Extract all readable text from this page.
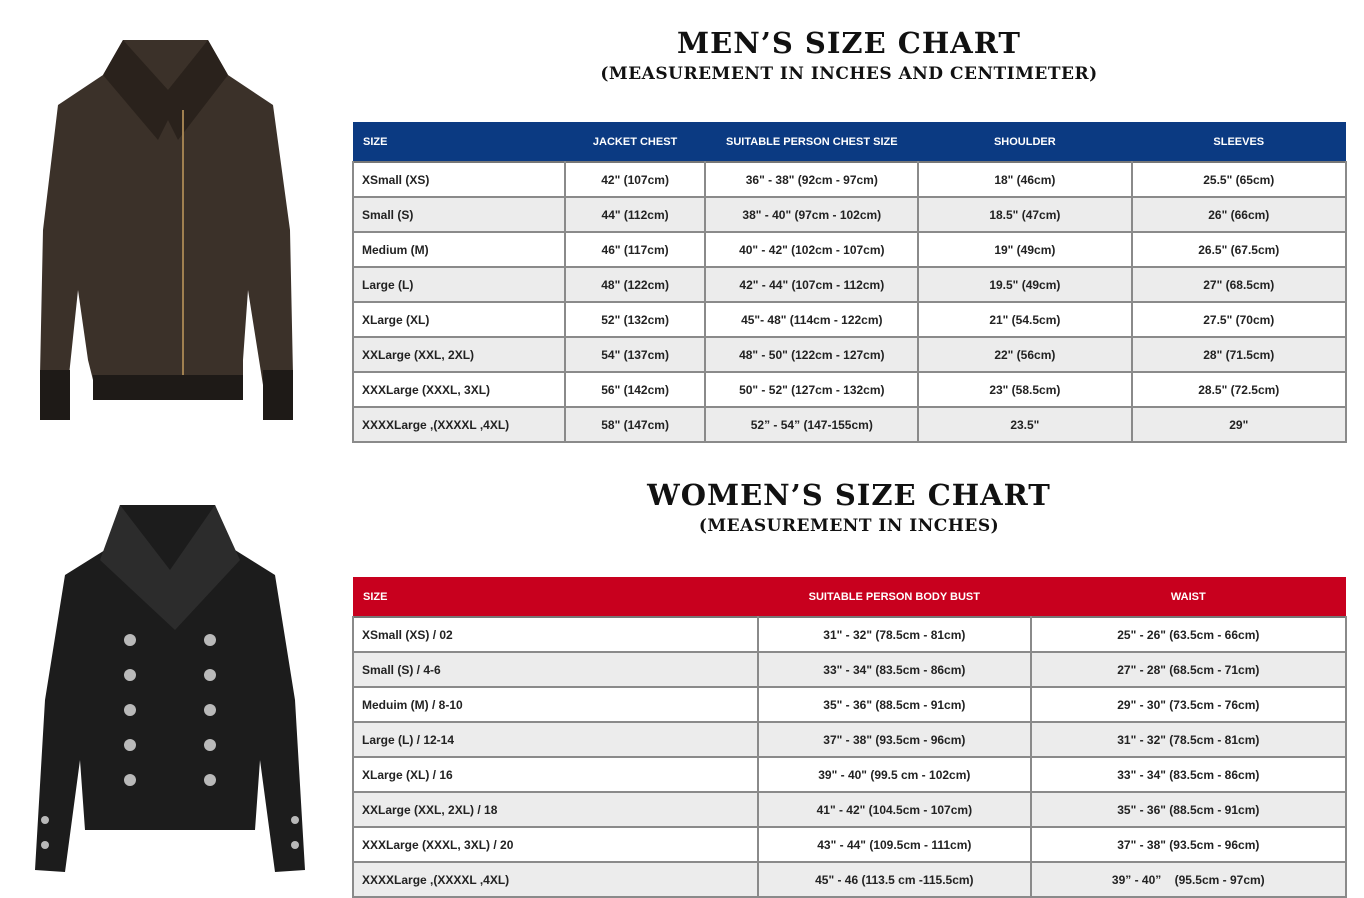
MEN’S SIZE CHART
(MEASUREMENT IN INCHES AND CENTIMETER)
SIZE	JACKET CHEST	SUITABLE PERSON CHEST SIZE	SHOULDER	SLEEVES
XSmall (XS)	42" (107cm)	36" - 38" (92cm - 97cm)	18" (46cm)	25.5" (65cm)
Small (S)	44" (112cm)	38" - 40" (97cm - 102cm)	18.5" (47cm)	26" (66cm)
Medium (M)	46" (117cm)	40" - 42" (102cm - 107cm)	19" (49cm)	26.5" (67.5cm)
Large (L)	48" (122cm)	42" - 44" (107cm - 112cm)	19.5" (49cm)	27" (68.5cm)
XLarge (XL)	52" (132cm)	45"- 48" (114cm - 122cm)	21" (54.5cm)	27.5" (70cm)
XXLarge (XXL, 2XL)	54" (137cm)	48" - 50" (122cm - 127cm)	22" (56cm)	28" (71.5cm)
XXXLarge (XXXL, 3XL)	56" (142cm)	50" - 52" (127cm - 132cm)	23" (58.5cm)	28.5" (72.5cm)
XXXXLarge ,(XXXXL ,4XL)	58" (147cm)	52” - 54” (147-155cm)	23.5"	29"
WOMEN’S SIZE CHART
(MEASUREMENT IN INCHES)
SIZE	SUITABLE PERSON BODY BUST	WAIST
XSmall (XS) / 02	31" - 32" (78.5cm - 81cm)	25" - 26" (63.5cm - 66cm)
Small (S) / 4-6	33" - 34" (83.5cm - 86cm)	27" - 28" (68.5cm - 71cm)
Meduim (M) / 8-10	35" - 36" (88.5cm - 91cm)	29" - 30" (73.5cm - 76cm)
Large (L) / 12-14	37" - 38" (93.5cm - 96cm)	31" - 32" (78.5cm - 81cm)
XLarge (XL) / 16	39" - 40" (99.5 cm - 102cm)	33" - 34" (83.5cm - 86cm)
XXLarge (XXL, 2XL) / 18	41" - 42" (104.5cm - 107cm)	35" - 36" (88.5cm - 91cm)
XXXLarge (XXXL, 3XL) / 20	43" - 44" (109.5cm - 111cm)	37" - 38" (93.5cm - 96cm)
XXXXLarge ,(XXXXL ,4XL)	45" - 46 (113.5 cm -115.5cm)	39” - 40”    (95.5cm - 97cm)
